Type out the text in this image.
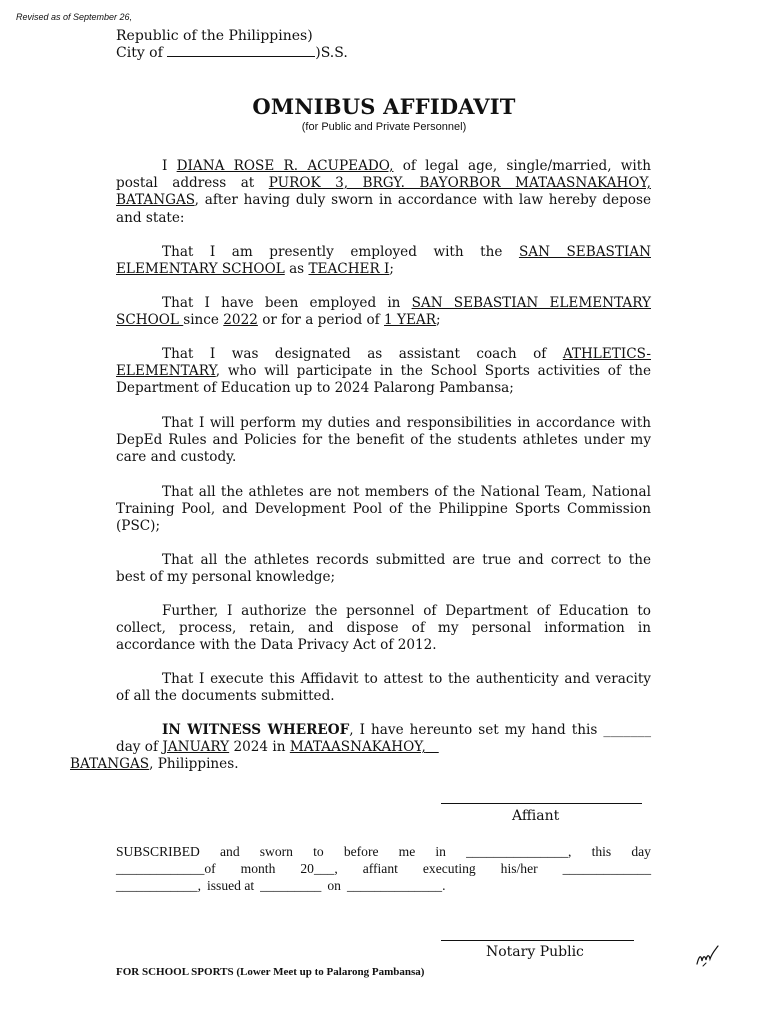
Revised as of September 26,
Republic of the Philippines)
City of	)S.S.
OMNIBUS AFFIDAVIT
(for Public and Private Personnel)
I DIANA ROSE R. ACUPEADO, of legal age, single/married, with postal address at PUROK 3, BRGY. BAYORBOR MATAASNAKAHOY, BATANGAS, after having duly sworn in accordance with law hereby depose and state:
That I am presently employed with the SAN SEBASTIAN ELEMENTARY SCHOOL as TEACHER I;
That I have been employed in SAN SEBASTIAN ELEMENTARY SCHOOL since 2022 or for a period of 1 YEAR;
That I was designated as assistant coach of ATHLETICS-ELEMENTARY, who will participate in the School Sports activities of the Department of Education up to 2024 Palarong Pambansa;
That I will perform my duties and responsibilities in accordance with DepEd Rules and Policies for the benefit of the students athletes under my care and custody.
That all the athletes are not members of the National Team, National Training Pool, and Development Pool of the Philippine Sports Commission (PSC);
That all the athletes records submitted are true and correct to the best of my personal knowledge;
Further, I authorize the personnel of Department of Education to collect, process, retain, and dispose of my personal information in accordance with the Data Privacy Act of 2012.
That I execute this Affidavit to attest to the authenticity and veracity of all the documents submitted.
IN WITNESS WHEREOF, I have hereunto set my hand this _______ day of JANUARY 2024 in MATAASNAKAHOY,
BATANGAS, Philippines.
Affiant
SUBSCRIBED and sworn to before me in _______________, this day
_____________of month 20___, affiant executing his/her _____________
____________, issued at _________ on ______________.
Notary Public
FOR SCHOOL SPORTS (Lower Meet up to Palarong Pambansa)
